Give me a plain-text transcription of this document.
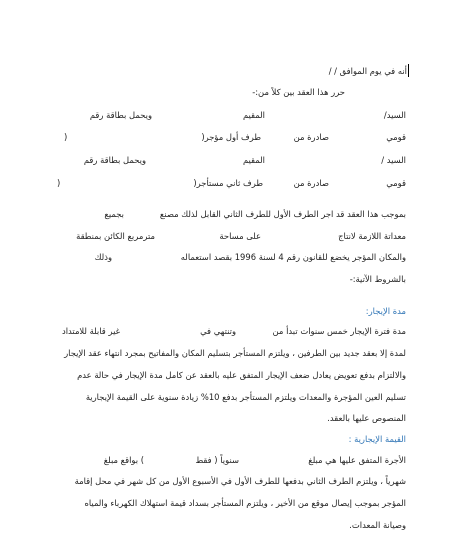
أنه في يوم الموافق / /
حرر هذا العقد بين كلاً من:-
السيد/
المقيم
ويحمل بطاقة رقم
قومي
صادرة من
طرف أول مؤجر(
)
السيد /
المقيم
ويحمل بطاقة رقم
قومي
صادرة من
طرف ثاني مستأجر(
)
بموجب هذا العقد قد اجر الطرف الأول للطرف الثاني القابل لذلك مصنع
بجميع
معداتة اللازمة لانتاج
على مساحة
مترمربع الكائن بمنطقة
والمكان المؤجر يخضع للقانون رقم 4 لسنة 1996 بقصد استعماله
وذلك
بالشروط الآتية:-
مدة الإيجار:
مدة فترة الإيجار خمس سنوات تبدأ من
وتنتهي في
غير قابلة للامتداد
لمدة إلا بعقد جديد بين الطرفين ، ويلتزم المستأجر بتسليم المكان والمفاتيح بمجرد انتهاء عقد الإيجار
والالتزام بدفع تعويض يعادل ضعف الإيجار المتفق عليه بالعقد عن كامل مدة الإيجار في حالة عدم
تسليم العين المؤجرة والمعدات ويلتزم المستأجر بدفع 10% زيادة سنوية على القيمة الإيجارية
المنصوص عليها بالعقد.
القيمة الإيجارية :
الأجرة المتفق عليها هي مبلغ
سنوياً ( فقط
) بواقع مبلغ
شهرياً ، ويلتزم الطرف الثاني بدفعها للطرف الأول في الأسبوع الأول من كل شهر في محل إقامة
المؤجر بموجب إيصال موقع من الأخير ، ويلتزم المستأجر بسداد قيمة استهلاك الكهرباء والمياه
وصيانة المعدات.
